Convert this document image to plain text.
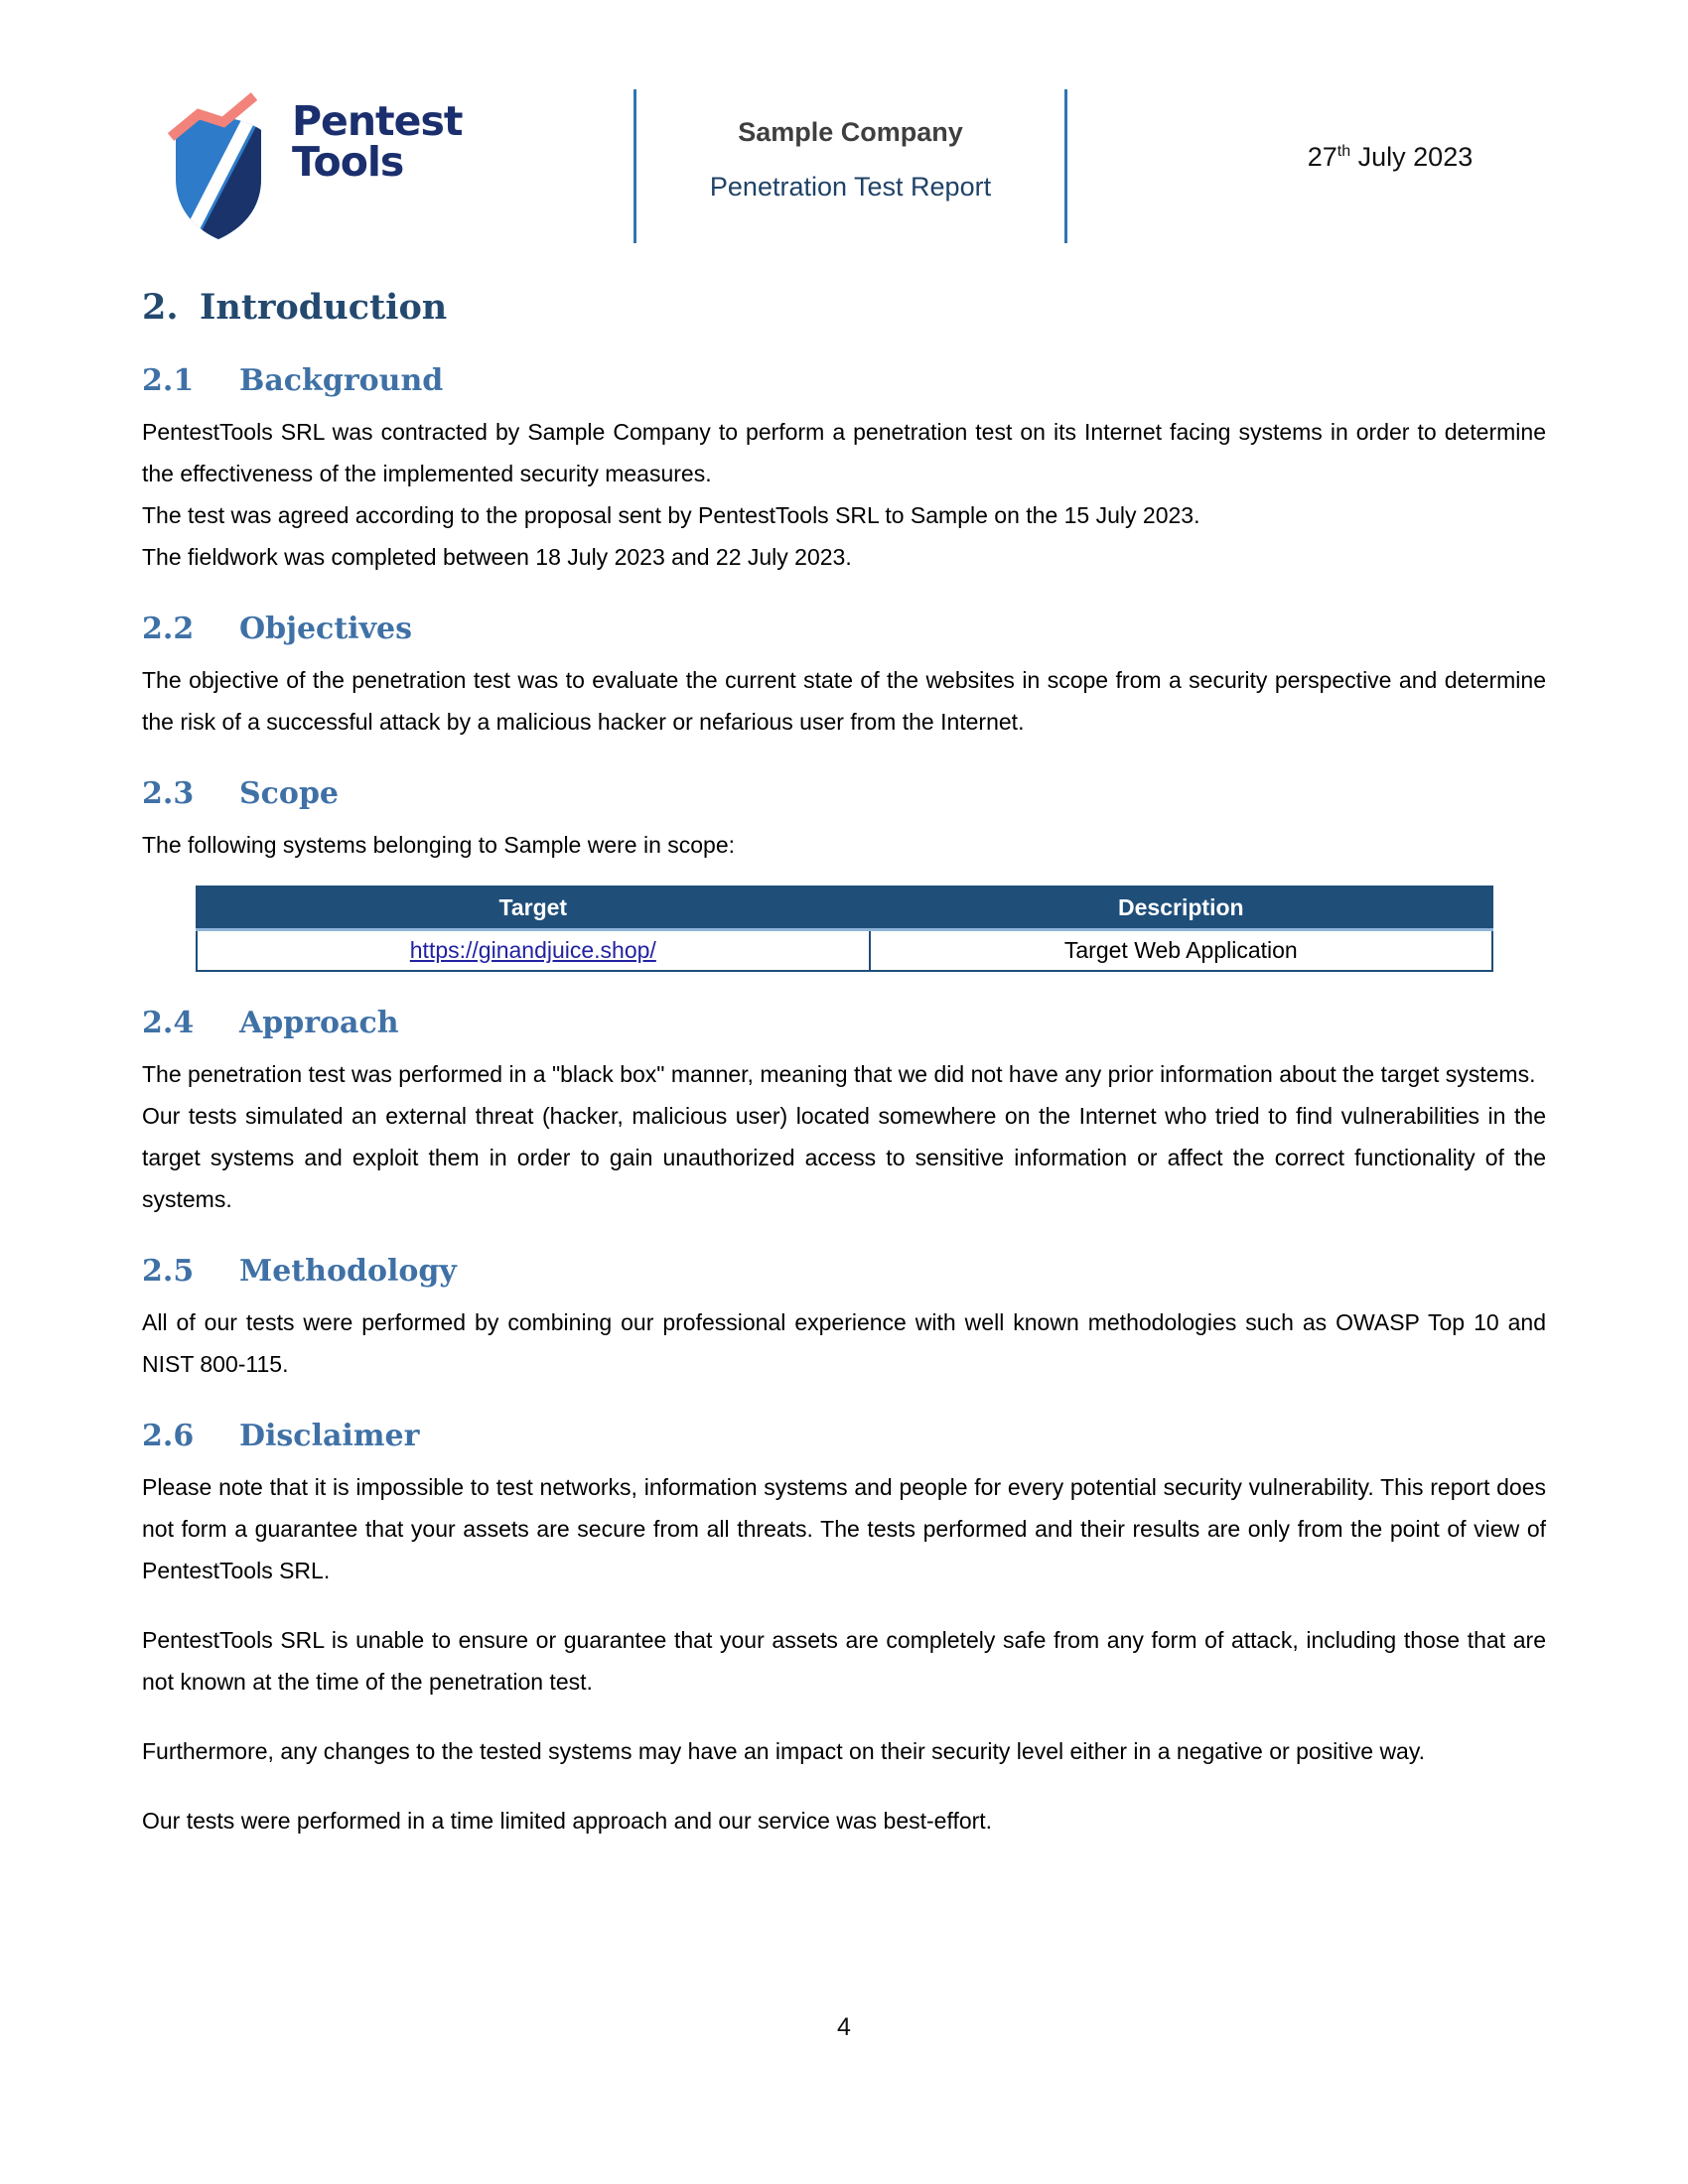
Pentest
Tools
Sample Company
Penetration Test Report
27th July 2023
2. Introduction
2.1	Background

PentestTools SRL was contracted by Sample Company to perform a penetration test on its Internet facing systems in order to determine the effectiveness of the implemented security measures.

The test was agreed according to the proposal sent by PentestTools SRL to Sample on the 15 July 2023.

The fieldwork was completed between 18 July 2023 and 22 July 2023.

2.2	Objectives

The objective of the penetration test was to evaluate the current state of the websites in scope from a security perspective and determine the risk of a successful attack by a malicious hacker or nefarious user from the Internet.

2.3	Scope

The following systems belonging to Sample were in scope:

Target	Description
https://ginandjuice.shop/	Target Web Application
2.4	Approach

The penetration test was performed in a "black box" manner, meaning that we did not have any prior information about the target systems.

Our tests simulated an external threat (hacker, malicious user) located somewhere on the Internet who tried to find vulnerabilities in the target systems and exploit them in order to gain unauthorized access to sensitive information or affect the correct functionality of the systems.

2.5	Methodology

All of our tests were performed by combining our professional experience with well known methodologies such as OWASP Top 10 and NIST 800-115.

2.6	Disclaimer

Please note that it is impossible to test networks, information systems and people for every potential security vulnerability. This report does not form a guarantee that your assets are secure from all threats. The tests performed and their results are only from the point of view of PentestTools SRL.

PentestTools SRL is unable to ensure or guarantee that your assets are completely safe from any form of attack, including those that are not known at the time of the penetration test.

Furthermore, any changes to the tested systems may have an impact on their security level either in a negative or positive way.

Our tests were performed in a time limited approach and our service was best-effort.

4
